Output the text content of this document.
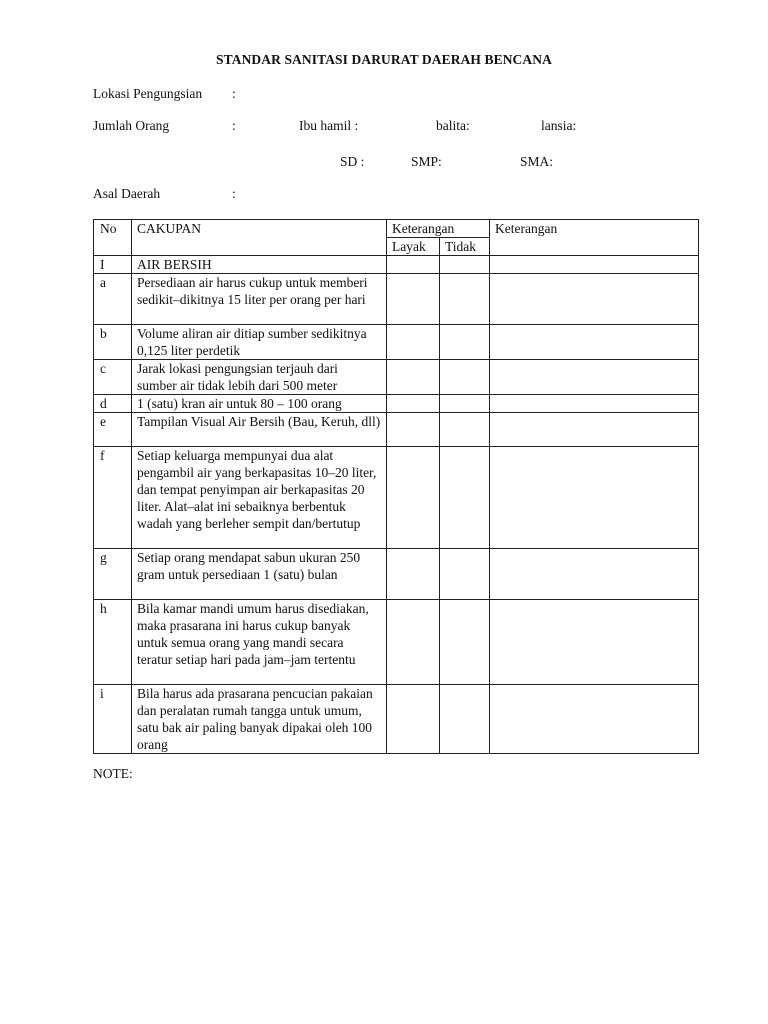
STANDAR SANITASI DARURAT DAERAH BENCANA
Lokasi Pengungsian :
Jumlah Orang	:	Ibu hamil :	balita:	lansia:
SD :	SMP:	SMA:
Asal Daerah	:
No	CAKUPAN	Keterangan		Keterangan
		Layak	Tidak	
I	AIR BERSIH			
a	Persediaan air harus cukup untuk memberi sedikit–dikitnya 15 liter per orang per hari			
b	Volume aliran air ditiap sumber sedikitnya 0,125 liter perdetik			
c	Jarak lokasi pengungsian terjauh dari sumber air tidak lebih dari 500 meter			
d	1 (satu) kran air untuk 80 – 100 orang			
e	Tampilan Visual Air Bersih (Bau, Keruh, dll)			
f	Setiap keluarga mempunyai dua alat pengambil air yang berkapasitas 10–20 liter, dan tempat penyimpan air berkapasitas 20 liter. Alat–alat ini sebaiknya berbentuk wadah yang berleher sempit dan/bertutup			
g	Setiap orang mendapat sabun ukuran 250 gram untuk persediaan 1 (satu) bulan			
h	Bila kamar mandi umum harus disediakan, maka prasarana ini harus cukup banyak untuk semua orang yang mandi secara teratur setiap hari pada jam–jam tertentu			
i	Bila harus ada prasarana pencucian pakaian dan peralatan rumah tangga untuk umum, satu bak air paling banyak dipakai oleh 100 orang			
NOTE:
